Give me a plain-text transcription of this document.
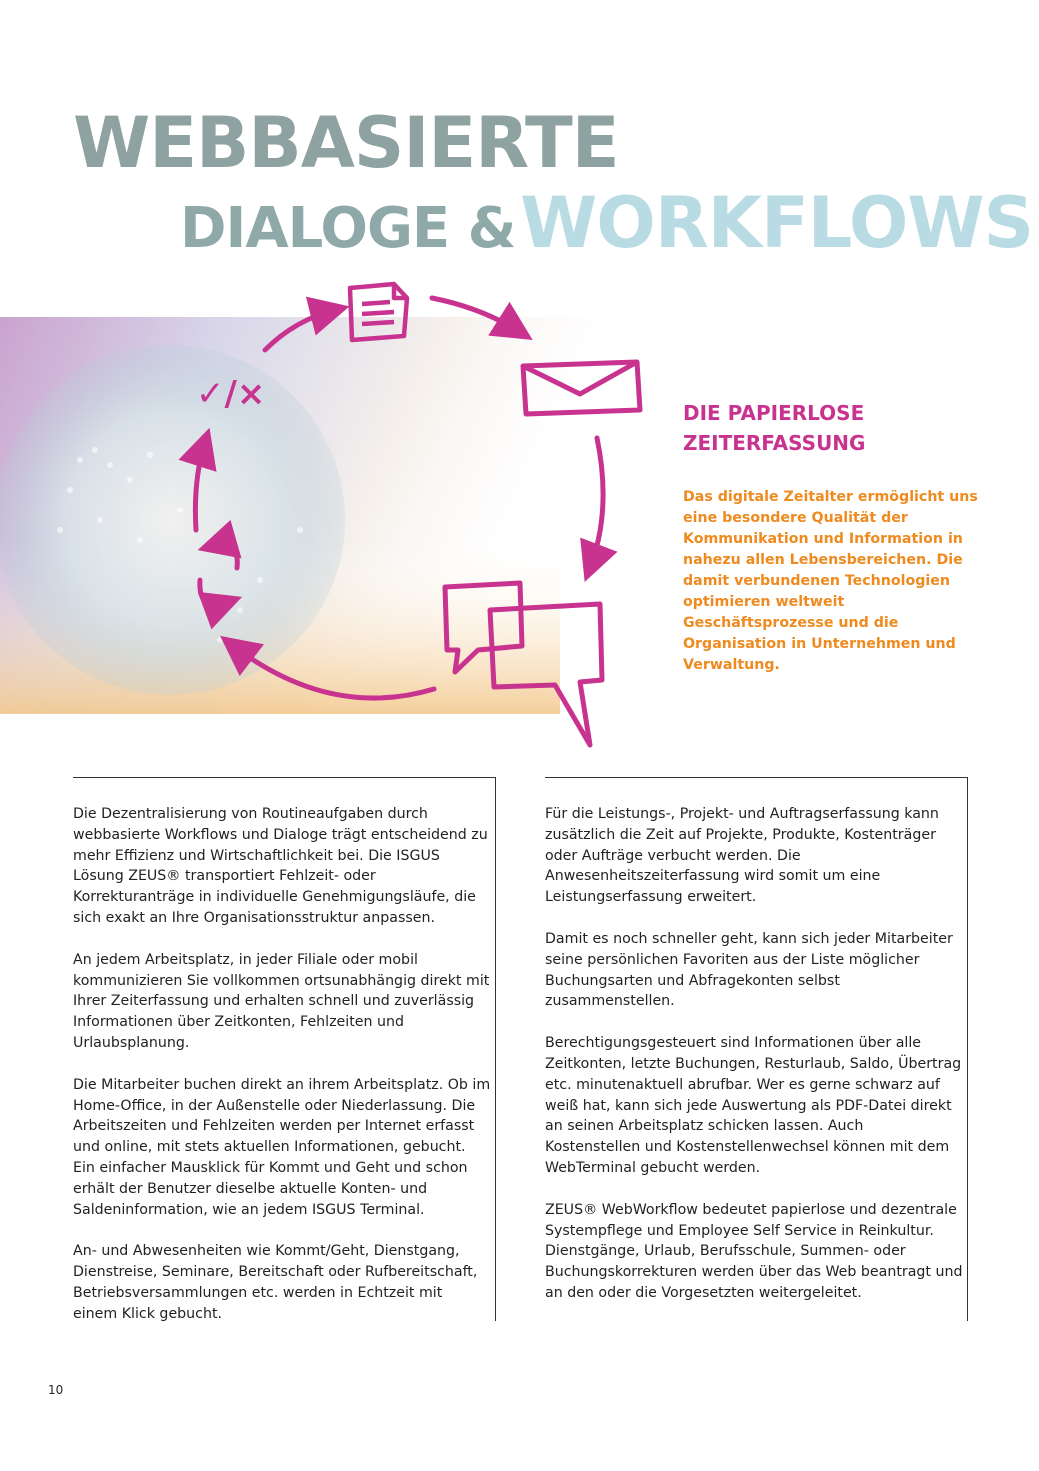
WEBBASIERTE
DIALOGE & WORKFLOWS
✓/×	DIE PAPIERLOSE
ZEITERFASSUNG

Das digitale Zeitalter ermöglicht uns eine besondere Qualität der Kommunikation und Information in nahezu allen Lebensbereichen. Die damit verbundenen Technologien optimieren weltweit Geschäftsprozesse und die Organisation in Unternehmen und Verwaltung.

Die Dezentralisierung von Routineaufgaben durch webbasierte Workflows und Dialoge trägt entscheidend zu mehr Effizienz und Wirtschaftlichkeit bei. Die ISGUS Lösung ZEUS® transportiert Fehlzeit- oder Korrekturanträge in individuelle Genehmigungsläufe, die sich exakt an Ihre Organisationsstruktur anpassen.

An jedem Arbeitsplatz, in jeder Filiale oder mobil kommunizieren Sie vollkommen ortsunabhängig direkt mit Ihrer Zeiterfassung und erhalten schnell und zuverlässig Informationen über Zeitkonten, Fehlzeiten und Urlaubsplanung.

Die Mitarbeiter buchen direkt an ihrem Arbeitsplatz. Ob im Home-Office, in der Außenstelle oder Niederlassung. Die Arbeitszeiten und Fehlzeiten werden per Internet erfasst und online, mit stets aktuellen Informationen, gebucht. Ein einfacher Mausklick für Kommt und Geht und schon erhält der Benutzer dieselbe aktuelle Konten- und Saldeninformation, wie an jedem ISGUS Terminal.

An- und Abwesenheiten wie Kommt/Geht, Dienstgang, Dienstreise, Seminare, Bereitschaft oder Rufbereitschaft, Betriebsversammlungen etc. werden in Echtzeit mit einem Klick gebucht.

Für die Leistungs-, Projekt- und Auftragserfassung kann zusätzlich die Zeit auf Projekte, Produkte, Kostenträger oder Aufträge verbucht werden. Die Anwesenheitszeiterfassung wird somit um eine Leistungserfassung erweitert.

Damit es noch schneller geht, kann sich jeder Mitarbeiter seine persönlichen Favoriten aus der Liste möglicher Buchungsarten und Abfragekonten selbst zusammenstellen.

Berechtigungsgesteuert sind Informationen über alle Zeitkonten, letzte Buchungen, Resturlaub, Saldo, Übertrag etc. minutenaktuell abrufbar. Wer es gerne schwarz auf weiß hat, kann sich jede Auswertung als PDF-Datei direkt an seinen Arbeitsplatz schicken lassen. Auch Kostenstellen und Kostenstellenwechsel können mit dem WebTerminal gebucht werden.

ZEUS® WebWorkflow bedeutet papierlose und dezentrale Systempflege und Employee Self Service in Reinkultur. Dienstgänge, Urlaub, Berufsschule, Summen- oder Buchungskorrekturen werden über das Web beantragt und an den oder die Vorgesetzten weitergeleitet.

10
